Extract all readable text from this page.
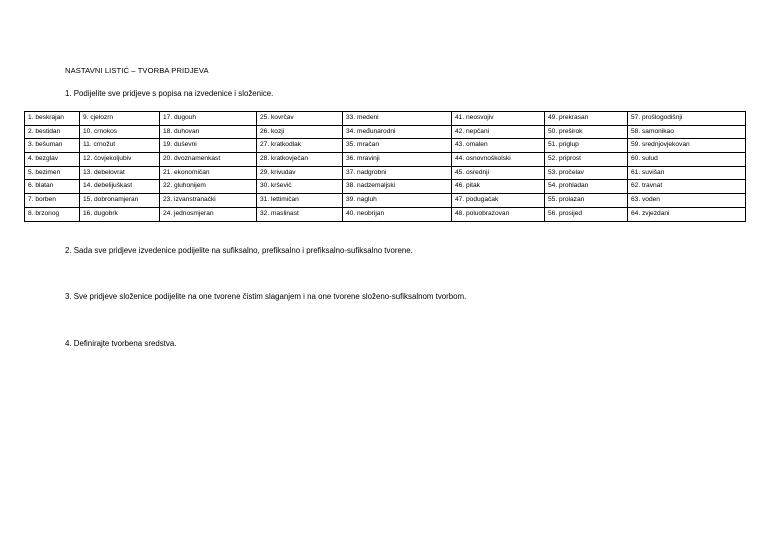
NASTAVNI LISTIĆ – TVORBA PRIDJEVA
1. Podijelite sve pridjeve s popisa na izvedenice i složenice.
1. beskrajan	9. cjelozrn	17. dugouh	25. kovrčav	33. medeni	41. neosvojiv	49. prekrasan	57. prošlogodišnji
2. bestidan	10. crnokos	18. duhovan	26. kozji	34. međunarodni	42. nepčani	50. preširok	58. samonikao
3. bešuman	11. crnožut	19. duševni	27. kratkodlak	35. mračan	43. omalen	51. priglup	59. srednjovjekovan
4. bezglav	12. čovjekoljubiv	20. dvoznamenkast	28. kratkovječan	36. mravinji	44. osnovnoškolski	52. priprost	60. sulud
5. bezimen	13. debelovrat	21. ekonomičan	29. krivudav	37. nadgrobni	45. osrednji	53. pročelav	61. suvišan
6. blatan	14. debelijuškast	22. gluhonijem	30. kršević	38. nadzemaljski	46. pitak	54. prohladan	62. travnat
7. borben	15. dobronamjeran	23. izvanstranački	31. lettimičan	39. nagluh	47. podugačak	55. prolazan	63. voden
8. brzonog	16. dugobrk	24. jednosmjeran	32. maslinast	40. neobrijan	48. poluobrazovan	56. prosijed	64. zvjezdani
2. Sada sve pridjeve izvedenice podijelite na sufiksalno, prefiksalno i prefiksalno-sufiksalno tvorene.
3. Sve pridjeve složenice podijelite na one tvorene čistim slaganjem i na one tvorene složeno-sufiksalnom tvorbom.
4. Definirajte tvorbena sredstva.
